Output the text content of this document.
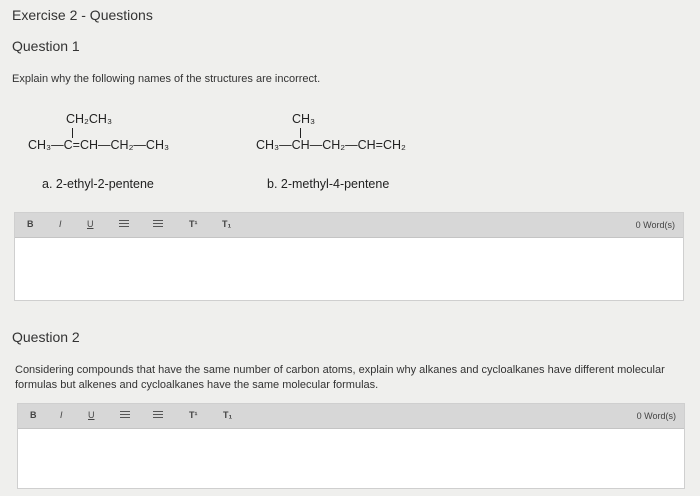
Exercise 2 - Questions
Question 1
Explain why the following names of the structures are incorrect.
CH₂CH₃
CH₃—C=CH—CH₂—CH₃
a. 2-ethyl-2-pentene
CH₃
CH₃—CH—CH₂—CH=CH₂
b. 2-methyl-4-pentene
B	I	U	T¹	T₁	0 Word(s)
Question 2
Considering compounds that have the same number of carbon atoms, explain why alkanes and cycloalkanes have different molecular formulas but alkenes and cycloalkanes have the same molecular formulas.
B	I	U	T¹	T₁	0 Word(s)
